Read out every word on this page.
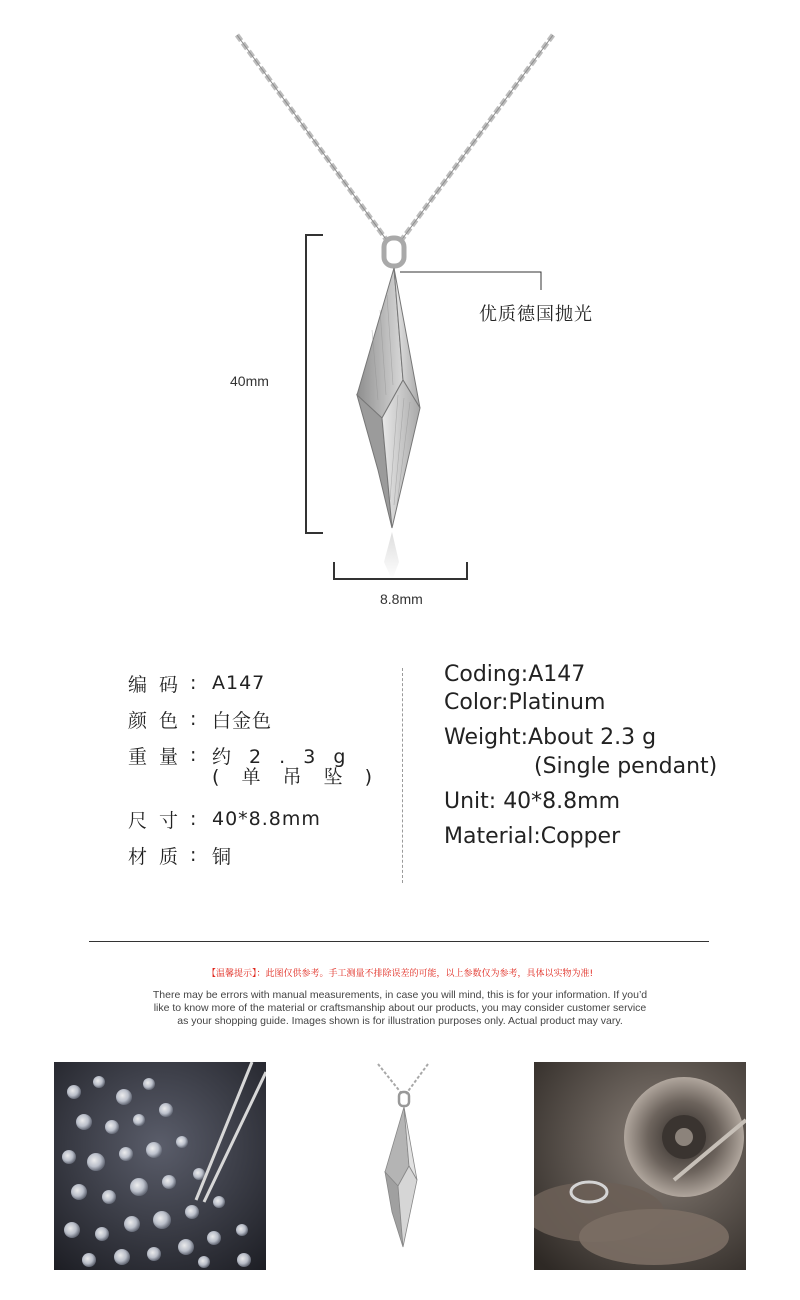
40mm
8.8mm
优质德国抛光
编码 : A147
颜色 : 白金色
重量 : 约 2 . 3 g
尺寸 : 40*8.8mm
材质 : 铜
( 单 吊 坠 )
Coding:A147
Color:Platinum
Weight:About 2.3 g
(Single pendant)
Unit: 40*8.8mm
Material:Copper
【温馨提示】：此图仅供参考。手工测量不排除误差的可能，以上参数仅为参考，具体以实物为准!
There may be errors with manual measurements, in case you will mind, this is for your information. If you’d
like to know more of the material or craftsmanship about our products, you may consider customer service
as your shopping guide. Images shown is for illustration purposes only. Actual product may vary.
